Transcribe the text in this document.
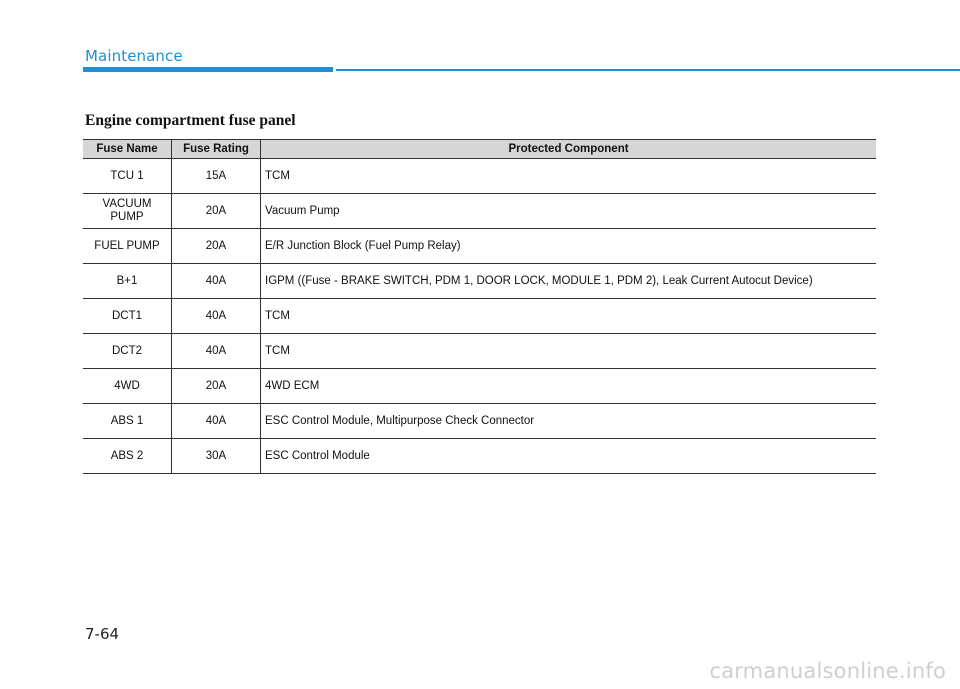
Maintenance
Engine compartment fuse panel
Fuse Name	Fuse Rating	Protected Component
TCU 1	15A	TCM
VACUUM
PUMP	20A	Vacuum Pump
FUEL PUMP	20A	E/R Junction Block (Fuel Pump Relay)
B+1	40A	IGPM ((Fuse - BRAKE SWITCH, PDM 1, DOOR LOCK, MODULE 1, PDM 2), Leak Current Autocut Device)
DCT1	40A	TCM
DCT2	40A	TCM
4WD	20A	4WD ECM
ABS 1	40A	ESC Control Module, Multipurpose Check Connector
ABS 2	30A	ESC Control Module
7-64
carmanualsonline.info
